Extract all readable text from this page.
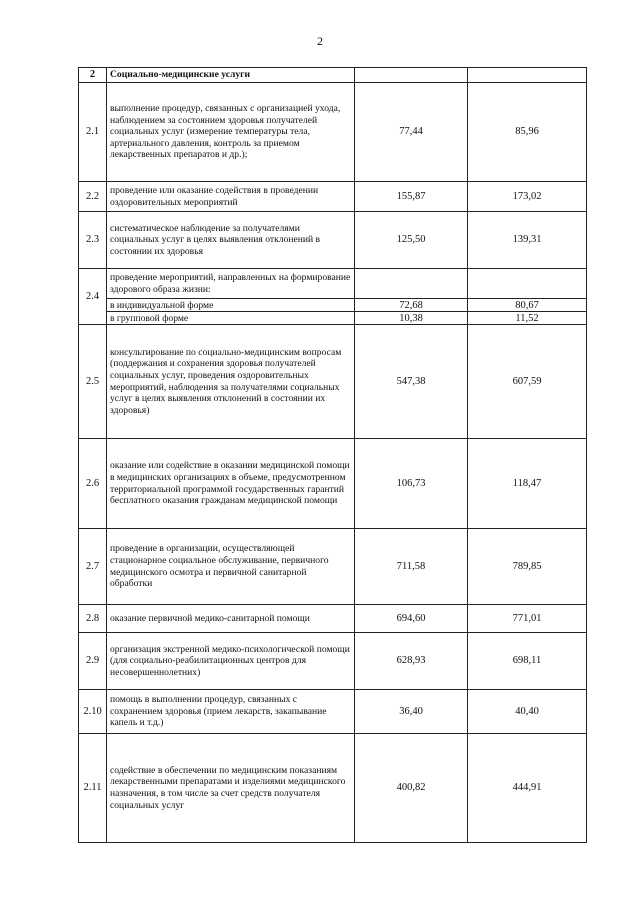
2
2	Социально-медицинские услуги		
2.1	выполнение процедур, связанных с организацией ухода, наблюдением за состоянием здоровья получателей социальных услуг (измерение температуры тела, артериального давления, контроль за приемом лекарственных препаратов и др.);	77,44	85,96
2.2	проведение или оказание содействия в проведении оздоровительных мероприятий	155,87	173,02
2.3	систематическое наблюдение за получателями социальных услуг в целях выявления отклонений в состоянии их здоровья	125,50	139,31
2.4	проведение мероприятий, направленных на формирование здорового образа жизни:		
	в индивидуальной форме	72,68	80,67
	в групповой форме	10,38	11,52
2.5	консультирование по социально-медицинским вопросам (поддержания и сохранения здоровья получателей социальных услуг, проведения оздоровительных мероприятий, наблюдения за получателями социальных услуг в целях выявления отклонений в состоянии их здоровья)	547,38	607,59
2.6	оказание или содействие в оказании медицинской помощи в медицинских организациях в объеме, предусмотренном территориальной программой государственных гарантий бесплатного оказания гражданам медицинской помощи	106,73	118,47
2.7	проведение в организации, осуществляющей стационарное социальное обслуживание, первичного медицинского осмотра и первичной санитарной обработки	711,58	789,85
2.8	оказание первичной медико-санитарной помощи	694,60	771,01
2.9	организация экстренной медико-психологической помощи (для социально-реабилитационных центров для несовершеннолетних)	628,93	698,11
2.10	помощь в выполнении процедур, связанных с сохранением здоровья (прием лекарств, закапывание капель и т.д.)	36,40	40,40
2.11	содействие в обеспечении по медицинским показаниям лекарственными препаратами и изделиями медицинского назначения, в том числе за счет средств получателя социальных услуг	400,82	444,91
